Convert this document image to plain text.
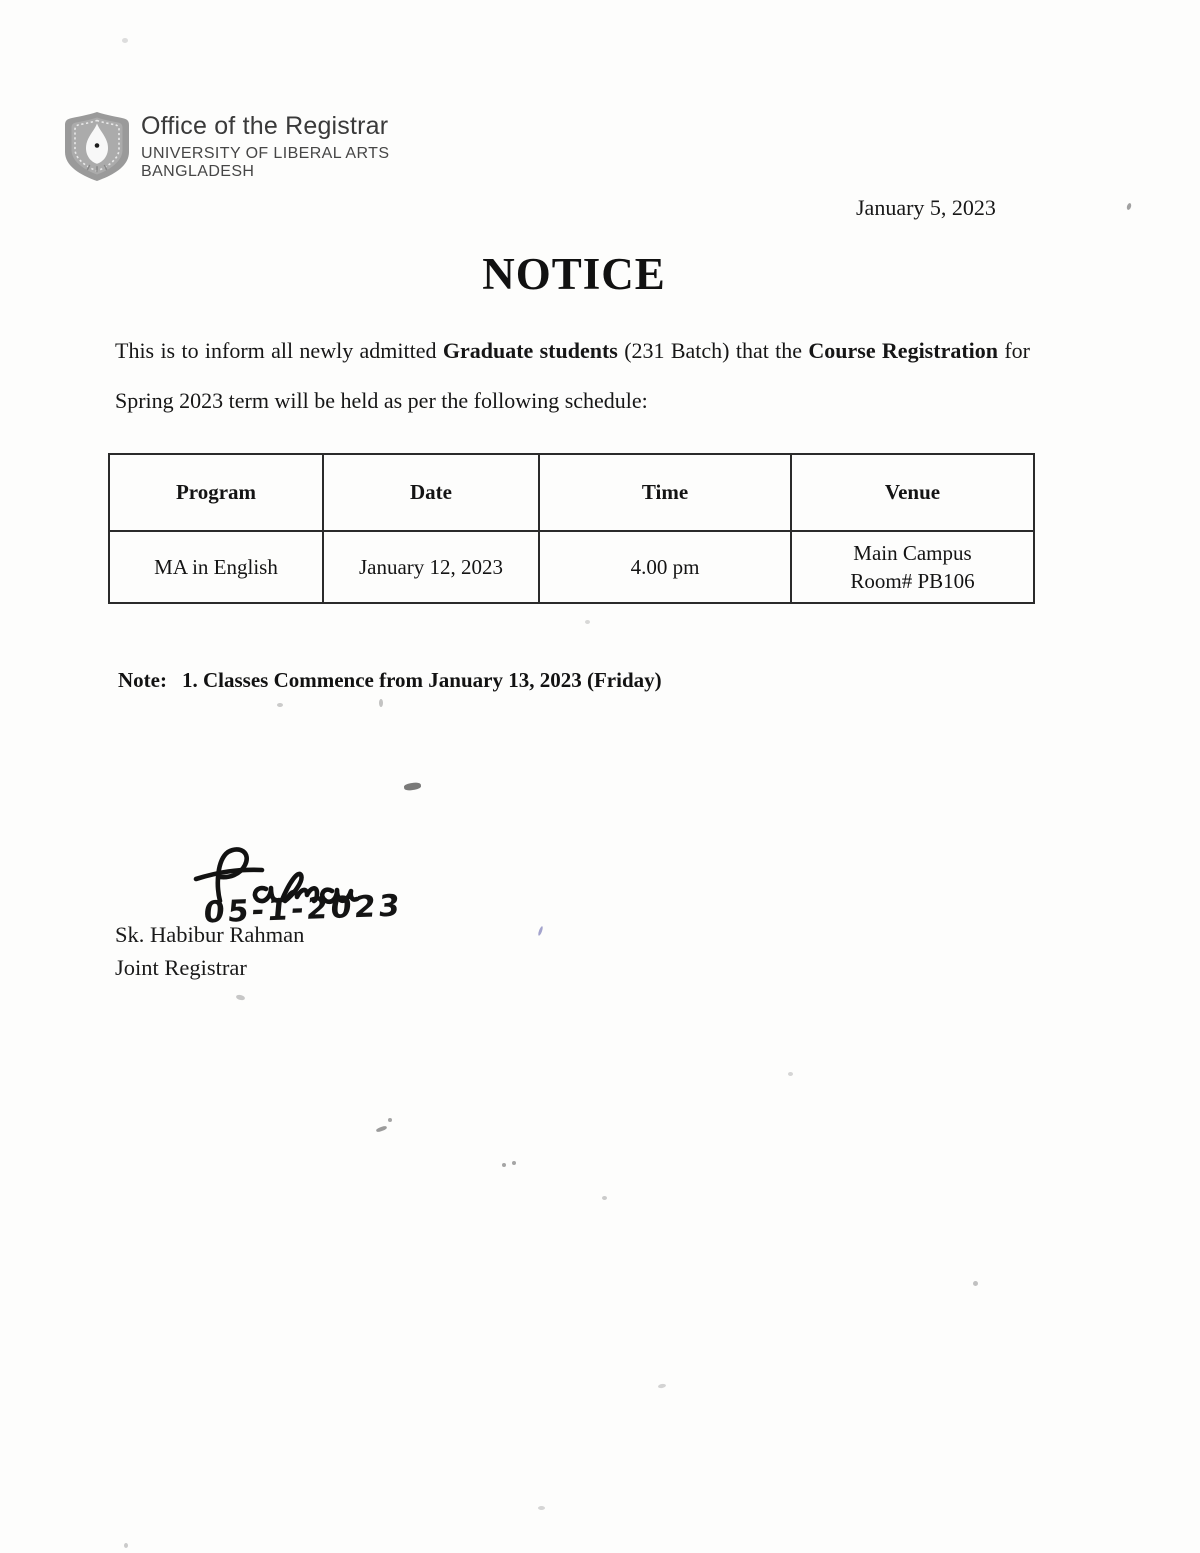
Office of the Registrar
UNIVERSITY OF LIBERAL ARTS
BANGLADESH
January 5, 2023
NOTICE

This is to inform all newly admitted Graduate students (231 Batch) that the Course Registration for Spring 2023 term will be held as per the following schedule:

Program	Date	Time	Venue
MA in English	January 12, 2023	4.00 pm	Main Campus
Room# PB106
Note: 1. Classes Commence from January 13, 2023 (Friday)
05-1-2023
Sk. Habibur Rahman
Joint Registrar
